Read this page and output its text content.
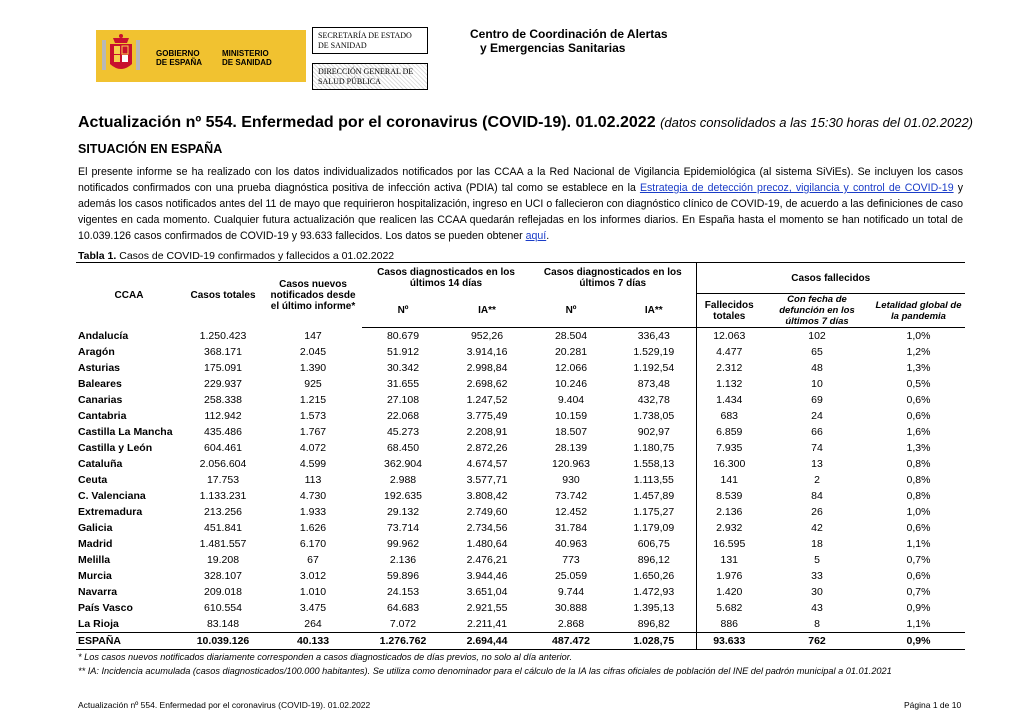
GOBIERNO
DE ESPAÑA
MINISTERIO
DE SANIDAD
SECRETARÍA DE ESTADO
DE SANIDAD
DIRECCIÓN GENERAL DE
SALUD PÚBLICA
Centro de Coordinación de Alertas
y Emergencias Sanitarias
Actualización nº 554. Enfermedad por el coronavirus (COVID-19). 01.02.2022 (datos consolidados a las 15:30 horas del 01.02.2022)
SITUACIÓN EN ESPAÑA
El presente informe se ha realizado con los datos individualizados notificados por las CCAA a la Red Nacional de Vigilancia Epidemiológica (al sistema SiViEs). Se incluyen los casos notificados confirmados con una prueba diagnóstica positiva de infección activa (PDIA) tal como se establece en la Estrategia de detección precoz, vigilancia y control de COVID-19 y además los casos notificados antes del 11 de mayo que requirieron hospitalización, ingreso en UCI o fallecieron con diagnóstico clínico de COVID-19, de acuerdo a las definiciones de caso vigentes en cada momento. Cualquier futura actualización que realicen las CCAA quedarán reflejadas en los informes diarios. En España hasta el momento se han notificado un total de 10.039.126 casos confirmados de COVID-19 y 93.633 fallecidos. Los datos se pueden obtener aquí.
Tabla 1. Casos de COVID-19 confirmados y fallecidos a 01.02.2022
CCAA	Casos totales	Casos nuevos notificados desde el último informe*	Casos diagnosticados en los últimos 14 días		Casos diagnosticados en los últimos 7 días		Casos fallecidos		
			Nº	IA**	Nº	IA**	Fallecidos totales	Con fecha de defunción en los últimos 7 días	Letalidad global de la pandemia
Andalucía	1.250.423	147	80.679	952,26	28.504	336,43	12.063	102	1,0%
Aragón	368.171	2.045	51.912	3.914,16	20.281	1.529,19	4.477	65	1,2%
Asturias	175.091	1.390	30.342	2.998,84	12.066	1.192,54	2.312	48	1,3%
Baleares	229.937	925	31.655	2.698,62	10.246	873,48	1.132	10	0,5%
Canarias	258.338	1.215	27.108	1.247,52	9.404	432,78	1.434	69	0,6%
Cantabria	112.942	1.573	22.068	3.775,49	10.159	1.738,05	683	24	0,6%
Castilla La Mancha	435.486	1.767	45.273	2.208,91	18.507	902,97	6.859	66	1,6%
Castilla y León	604.461	4.072	68.450	2.872,26	28.139	1.180,75	7.935	74	1,3%
Cataluña	2.056.604	4.599	362.904	4.674,57	120.963	1.558,13	16.300	13	0,8%
Ceuta	17.753	113	2.988	3.577,71	930	1.113,55	141	2	0,8%
C. Valenciana	1.133.231	4.730	192.635	3.808,42	73.742	1.457,89	8.539	84	0,8%
Extremadura	213.256	1.933	29.132	2.749,60	12.452	1.175,27	2.136	26	1,0%
Galicia	451.841	1.626	73.714	2.734,56	31.784	1.179,09	2.932	42	0,6%
Madrid	1.481.557	6.170	99.962	1.480,64	40.963	606,75	16.595	18	1,1%
Melilla	19.208	67	2.136	2.476,21	773	896,12	131	5	0,7%
Murcia	328.107	3.012	59.896	3.944,46	25.059	1.650,26	1.976	33	0,6%
Navarra	209.018	1.010	24.153	3.651,04	9.744	1.472,93	1.420	30	0,7%
País Vasco	610.554	3.475	64.683	2.921,55	30.888	1.395,13	5.682	43	0,9%
La Rioja	83.148	264	7.072	2.211,41	2.868	896,82	886	8	1,1%
ESPAÑA	10.039.126	40.133	1.276.762	2.694,44	487.472	1.028,75	93.633	762	0,9%
* Los casos nuevos notificados diariamente corresponden a casos diagnosticados de días previos, no solo al día anterior.
** IA: Incidencia acumulada (casos diagnosticados/100.000 habitantes). Se utiliza como denominador para el cálculo de la IA las cifras oficiales de población del INE del padrón municipal a 01.01.2021
Actualización nº 554. Enfermedad por el coronavirus (COVID-19). 01.02.2022	Página 1 de 10
